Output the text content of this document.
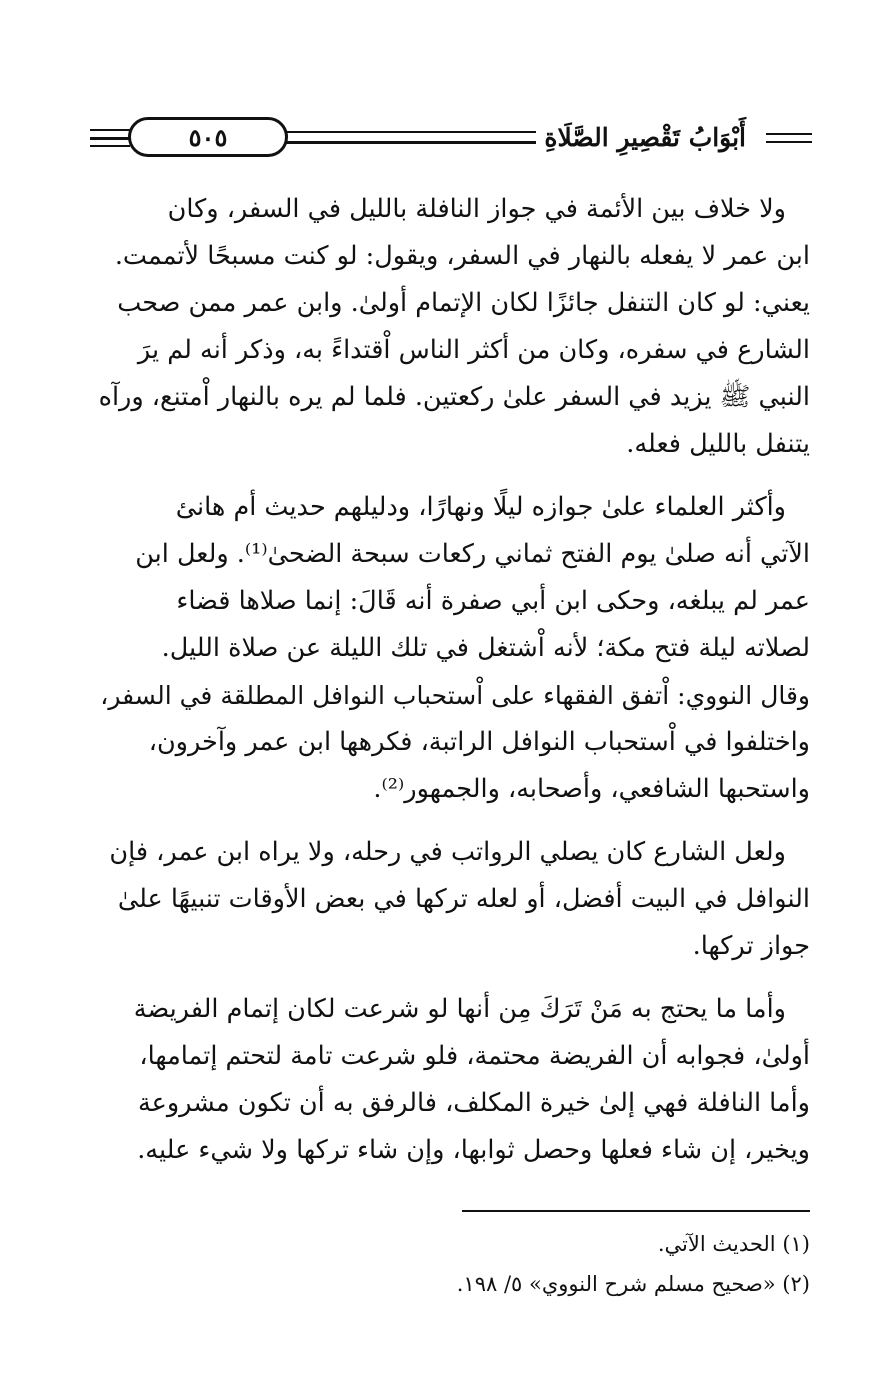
٥٠٥	أَبْوَابُ تَقْصِيرِ الصَّلَاةِ
ولا خلاف بين الأئمة في جواز النافلة بالليل في السفر، وكان
ابن عمر لا يفعله بالنهار في السفر، ويقول: لو كنت مسبحًا لأتممت.
يعني: لو كان التنفل جائزًا لكان الإتمام أولىٰ. وابن عمر ممن صحب
الشارع في سفره، وكان من أكثر الناس اْقتداءً به، وذكر أنه لم يرَ
النبي ﷺ يزيد في السفر علىٰ ركعتين. فلما لم يره بالنهار اْمتنع، ورآه
يتنفل بالليل فعله.
وأكثر العلماء علىٰ جوازه ليلًا ونهارًا، ودليلهم حديث أم هانئ
الآتي أنه صلىٰ يوم الفتح ثماني ركعات سبحة الضحىٰ⁽¹⁾. ولعل ابن
عمر لم يبلغه، وحكى ابن أبي صفرة أنه قَالَ: إنما صلاها قضاء
لصلاته ليلة فتح مكة؛ لأنه اْشتغل في تلك الليلة عن صلاة الليل.
وقال النووي: اْتفق الفقهاء على اْستحباب النوافل المطلقة في السفر،
واختلفوا في اْستحباب النوافل الراتبة، فكرهها ابن عمر وآخرون،
واستحبها الشافعي، وأصحابه، والجمهور⁽²⁾.
ولعل الشارع كان يصلي الرواتب في رحله، ولا يراه ابن عمر، فإن
النوافل في البيت أفضل، أو لعله تركها في بعض الأوقات تنبيهًا علىٰ
جواز تركها.
وأما ما يحتج به مَنْ تَرَكَ مِن أنها لو شرعت لكان إتمام الفريضة
أولىٰ، فجوابه أن الفريضة محتمة، فلو شرعت تامة لتحتم إتمامها،
وأما النافلة فهي إلىٰ خيرة المكلف، فالرفق به أن تكون مشروعة
ويخير، إن شاء فعلها وحصل ثوابها، وإن شاء تركها ولا شيء عليه.
(١) الحديث الآتي.
(٢) «صحيح مسلم شرح النووي» ٥/ ١٩٨.
